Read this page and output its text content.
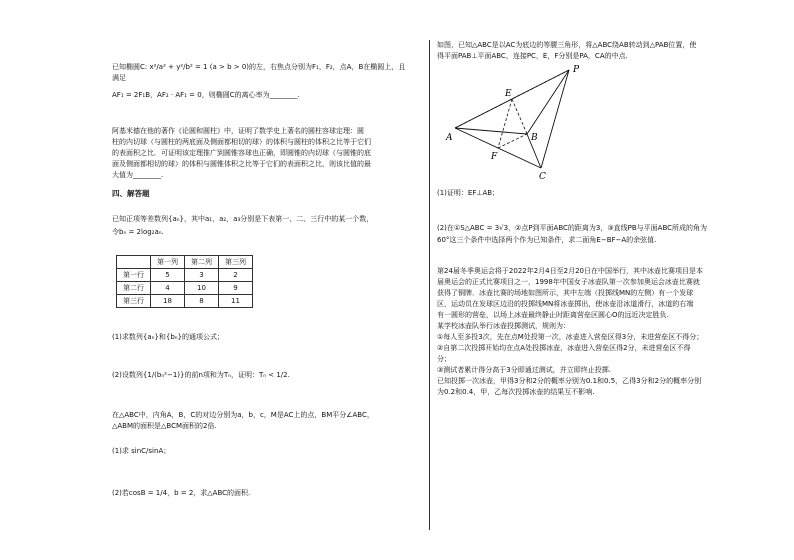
已知椭圆C: x²/a² + y²/b² = 1 (a > b > 0)的左，右焦点分别为F₁，F₂，点A，B在椭圆上，且满足

AF₁ = 2F₁B，AF₂ · AF₁ = 0，则椭圆C的离心率为________.

阿基米德在他的著作《论圆和圆柱》中，证明了数学史上著名的圆柱容球定理：圆

柱的内切球（与圆柱的两底面及侧面都相切的球）的体积与圆柱的体积之比等于它们

的表面积之比．可证明该定理推广到圆锥容球也正确，即圆锥的内切球（与圆锥的底

面及侧面都相切的球）的体积与圆锥体积之比等于它们的表面积之比，则该比值的最

大值为________.

四、解答题

已知正项等差数列{aₙ}，其中a₁，a₂，a₃分别是下表第一、二、三行中的某一个数，

令bₙ = 2log₂aₙ.

	第一列	第二列	第三列
第一行	5	3	2
第二行	4	10	9
第三行	18	8	11

(1)求数列{aₙ}和{bₙ}的通项公式；

(2)设数列{1/(bₙ²−1)}的前n项和为Tₙ，证明：Tₙ < 1/2.

在△ABC中，内角A，B，C的对边分别为a，b，c，M是AC上的点，BM平分∠ABC，

△ABM的面积是△BCM面积的2倍.

(1)求 sinC/sinA；

(2)若cosB = 1/4，b = 2，求△ABC的面积.

如图，已知△ABC是以AC为底边的等腰三角形，将△ABC绕AB转动到△PAB位置，使

得平面PAB⊥平面ABC，连接PC，E，F分别是PA，CA的中点.

A	B
C
P
E
F

(1)证明：EF⊥AB；

(2)在①S△ABC = 3√3，②点P到平面ABC的距离为3，③直线PB与平面ABC所成的角为

60°这三个条件中选择两个作为已知条件，求二面角E−BF−A的余弦值.

第24届冬季奥运会将于2022年2月4日至2月20日在中国举行，其中冰壶比赛项目是本

届奥运会的正式比赛项目之一，1998年中国女子冰壶队第一次参加奥运会冰壶比赛就

获得了铜牌．冰壶比赛的场地如图所示，其中左端（投掷线MN的左侧）有一个发球

区，运动员在发球区边沿的投掷线MN将冰壶掷出，使冰壶沿冰道滑行，冰道的右端

有一圆形的营垒，以场上冰壶最终静止时距离营垒区圆心O的远近决定胜负.

某学校冰壶队举行冰壶投掷测试，规则为：

①每人至多投3次，先在点M处投第一次，冰壶进入营垒区得3分，未进营垒区不得分；

②自第二次投掷开始均在点A处投掷冰壶，冰壶进入营垒区得2分，未进营垒区不得

分；

③测试者累计得分高于3分即通过测试，并立即终止投掷.

已知投掷一次冰壶，甲得3分和2分的概率分别为0.1和0.5，乙得3分和2分的概率分别

为0.2和0.4，甲，乙每次投掷冰壶的结果互不影响.
